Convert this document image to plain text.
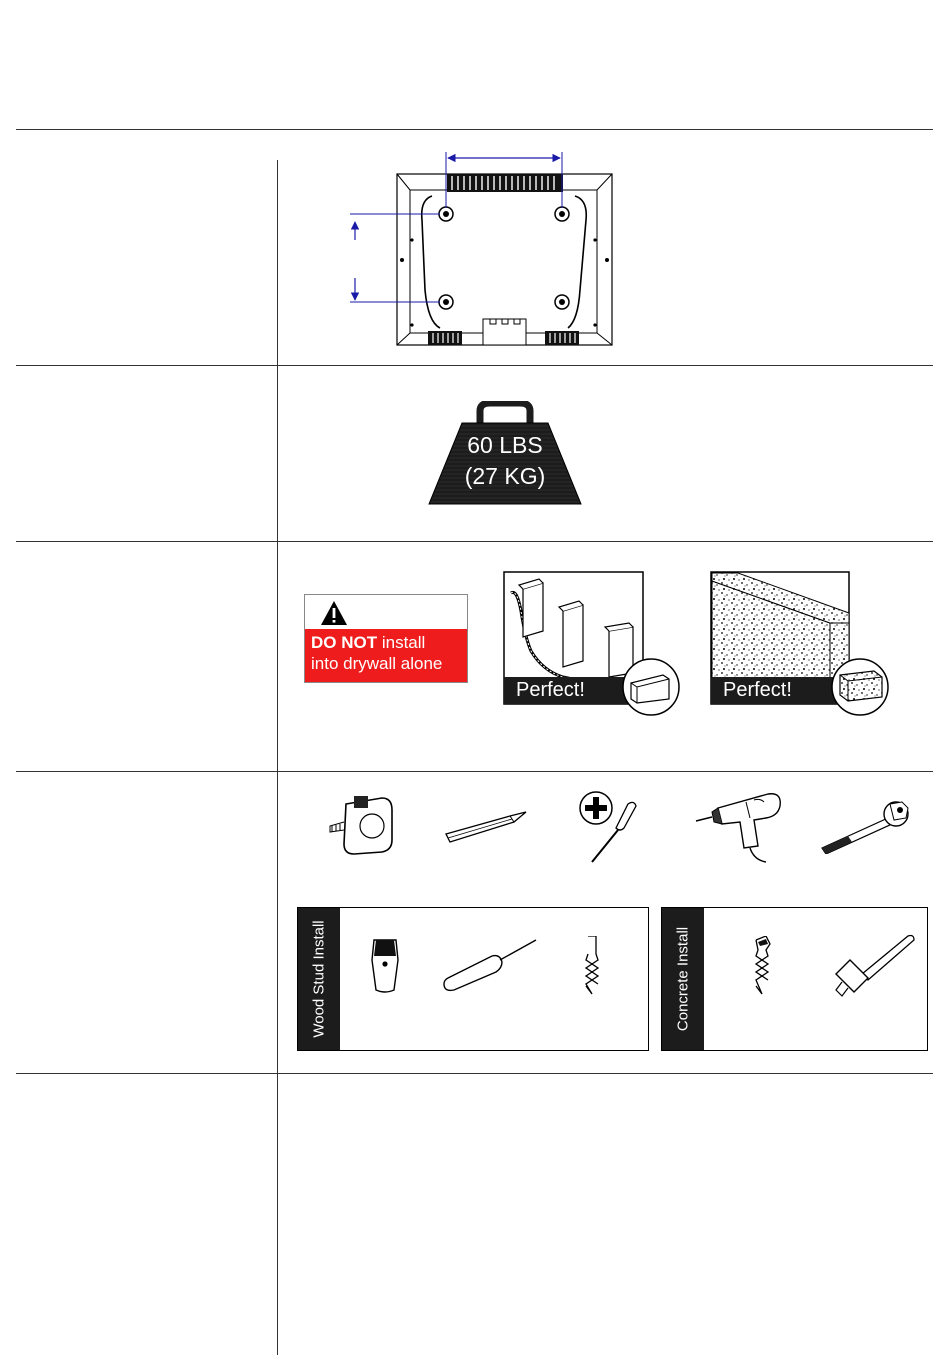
60 LBS
(27 KG)
DO NOT install
into drywall alone
Perfect!	Perfect!
Wood Stud Install	Concrete Install
